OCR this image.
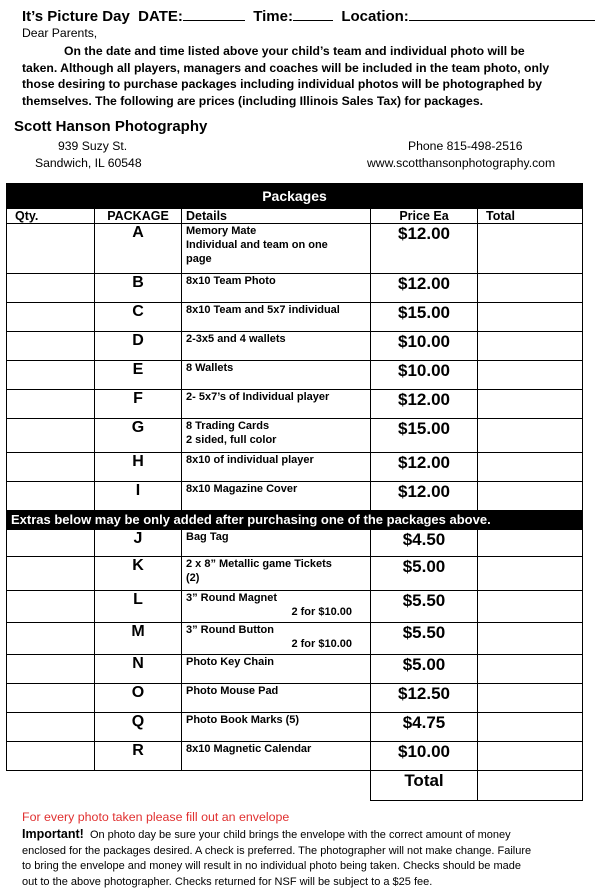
It’s Picture Day DATE:	Time:	Location:
Dear Parents,
On the date and time listed above your child’s team and individual photo will be
taken. Although all players, managers and coaches will be included in the team photo, only
those desiring to purchase packages including individual photos will be photographed by
themselves. The following are prices (including Illinois Sales Tax) for packages.
Scott Hanson Photography
939 Suzy St.
Sandwich, IL 60548
Phone 815-498-2516
www.scotthansonphotography.com
Packages				
Qty.	PACKAGE	Details	Price Ea	Total
	A	Memory Mate
Individual and team on one
page	$12.00	
	B	8x10 Team Photo	$12.00	
	C	8x10 Team and 5x7 individual	$15.00	
	D	2-3x5 and 4 wallets	$10.00	
	E	8 Wallets	$10.00	
	F	2- 5x7’s of Individual player	$12.00	
	G	8 Trading Cards
2 sided, full color	$15.00	
	H	8x10 of individual player	$12.00	
	I	8x10 Magazine Cover	$12.00	
Extras below may be only added after purchasing one of the packages above.				
	J	Bag Tag	$4.50	
	K	2 x 8” Metallic game Tickets
(2)	$5.00	
	L	3” Round Magnet
2 for $10.00	$5.50	
	M	3” Round Button
2 for $10.00	$5.50	
	N	Photo Key Chain	$5.00	
	O	Photo Mouse Pad	$12.50	
	Q	Photo Book Marks (5)	$4.75	
	R	8x10 Magnetic Calendar	$10.00	
			Total	
For every photo taken please fill out an envelope
Important! On photo day be sure your child brings the envelope with the correct amount of money
enclosed for the packages desired. A check is preferred. The photographer will not make change. Failure
to bring the envelope and money will result in no individual photo being taken. Checks should be made
out to the above photographer. Checks returned for NSF will be subject to a $25 fee.
